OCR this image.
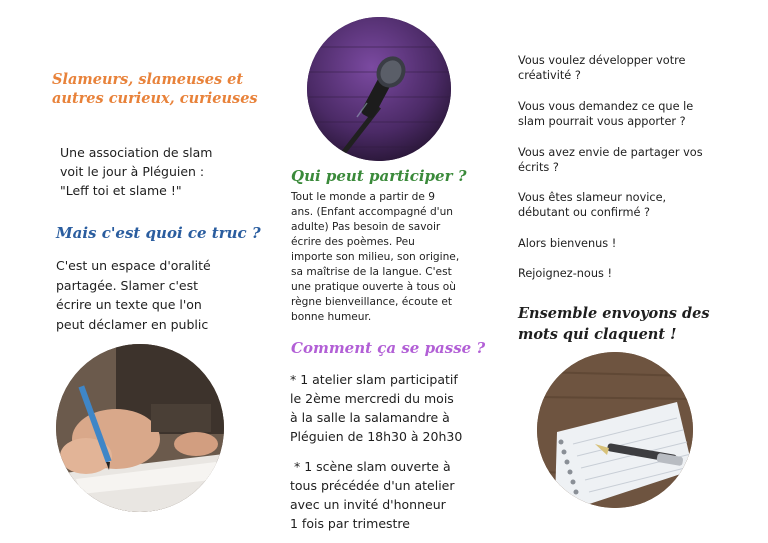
Slameurs, slameuses et
autres curieux, curieuses
Une association de slam
voit le jour à Pléguien :
"Leff toi et slame !"
Mais c'est quoi ce truc ?
C'est un espace d'oralité
partagée. Slamer c'est
écrire un texte que l'on
peut déclamer en public
Qui peut participer ?
Tout le monde a partir de 9
ans. (Enfant accompagné d'un
adulte) Pas besoin de savoir
écrire des poèmes. Peu
importe son milieu, son origine,
sa maîtrise de la langue. C'est
une pratique ouverte à tous où
règne bienveillance, écoute et
bonne humeur.
Comment ça se passe ?
* 1 atelier slam participatif
le 2ème mercredi du mois
à la salle la salamandre à
Pléguien de 18h30 à 20h30
* 1 scène slam ouverte à
tous précédée d'un atelier
avec un invité d'honneur
1 fois par trimestre
Vous voulez développer votre
créativité ?
Vous vous demandez ce que le
slam pourrait vous apporter ?
Vous avez envie de partager vos
écrits ?
Vous êtes slameur novice,
débutant ou confirmé ?
Alors bienvenus !
Rejoignez-nous !
Ensemble envoyons des
mots qui claquent !
